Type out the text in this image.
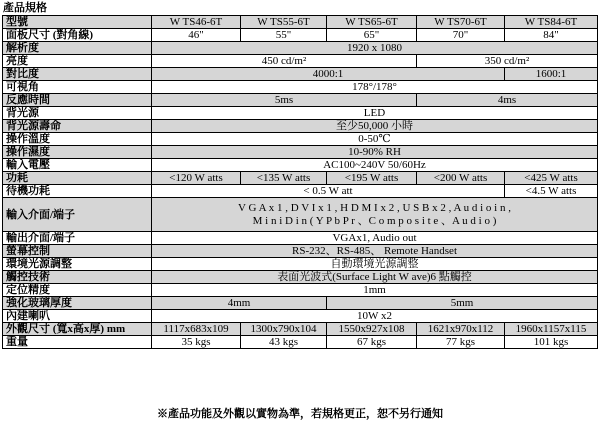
產品規格
型號	W TS46-6T	W TS55-6T	W TS65-6T	W TS70-6T	W TS84-6T
面板尺寸 (對角線)	46"	55"	65"	70"	84"
解析度	1920 x 1080				
亮度	450 cd/m²			350 cd/m²	
對比度	4000:1				1600:1
可視角	178°/178°				
反應時間	5ms			4ms	
背光源	LED				
背光源壽命	至少50,000 小時				
操作溫度	0-50℃				
操作濕度	10-90% RH				
輸入電壓	AC100~240V 50/60Hz				
功耗	<120 W atts	<135 W atts	<195 W atts	<200 W atts	<425 W atts
待機功耗	< 0.5 W att				<4.5 W atts
輸入介面/端子	V G A x 1 , D V I x 1 , H D M I x 2 , U S B x 2 , A u d i o i n ,
M i n i D i n ( Y P b P r 、C o m p o s i t e 、A u d i o )				

輸出介面/端子	VGAx1, Audio out				
螢幕控制	RS-232、RS-485、 Remote Handset				
環境光源調整	自動環境光源調整				
觸控技術	表面光波式(Surface Light W ave)6 點觸控				
定位精度	1mm				
強化玻璃厚度	4mm		5mm		
內建喇叭	10W x2				
外觀尺寸 (寬x高x厚) mm	1117x683x109	1300x790x104	1550x927x108	1621x970x112	1960x1157x115
重量	35 kgs	43 kgs	67 kgs	77 kgs	101 kgs
※產品功能及外觀以實物為準，若規格更正，恕不另行通知
